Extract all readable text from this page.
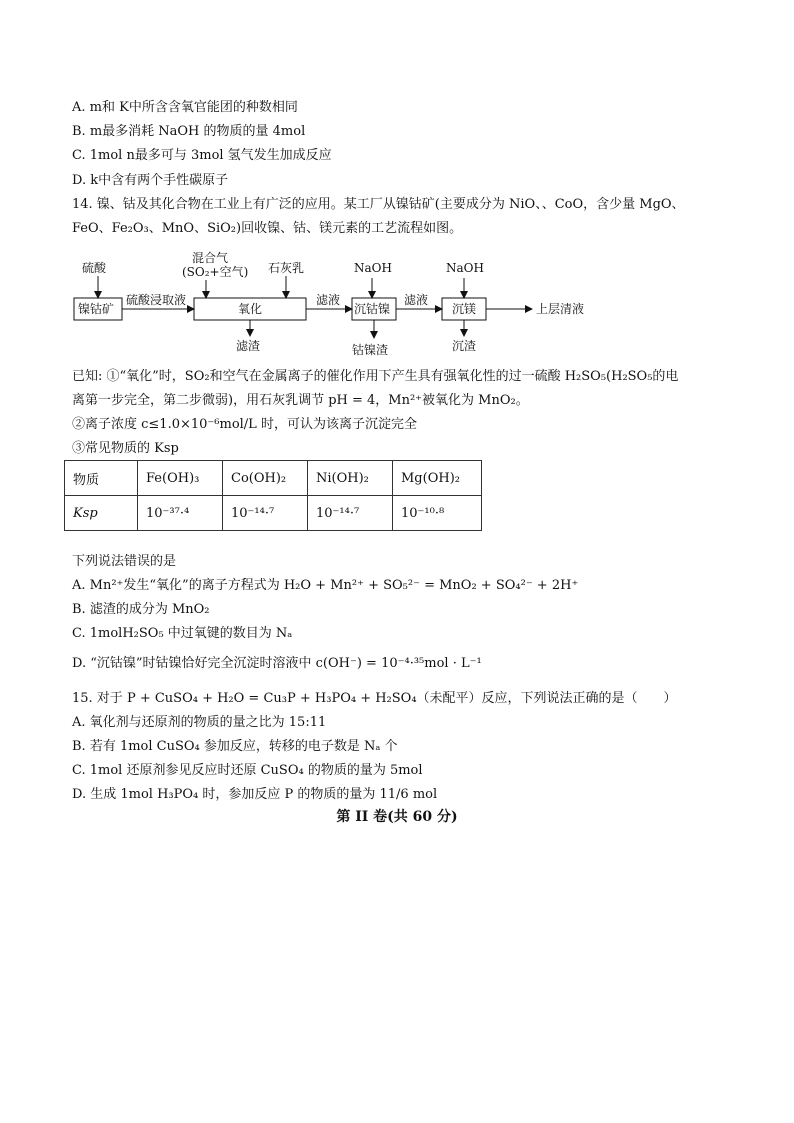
A. m和 K中所含含氧官能团的种数相同
B. m最多消耗 NaOH 的物质的量 4mol
C. 1mol n最多可与 3mol 氢气发生加成反应
D. k中含有两个手性碳原子
14. 镍、钴及其化合物在工业上有广泛的应用。某工厂从镍钴矿(主要成分为 NiO、、CoO，含少量 MgO、
FeO、Fe₂O₃、MnO、SiO₂)回收镍、钴、镁元素的工艺流程如图。
硫酸
混合气
(SO₂+空气) 石灰乳	NaOH	NaOH
镍钴矿
硫酸浸取液
氧化
滤液
沉钴镍
滤液
沉镁	上层清液
滤渣	钴镍渣	沉渣
已知: ①“氧化”时，SO₂和空气在金属离子的催化作用下产生具有强氧化性的过一硫酸 H₂SO₅(H₂SO₅的电
离第一步完全，第二步微弱)，用石灰乳调节 pH = 4，Mn²⁺被氧化为 MnO₂。
②离子浓度 c≤1.0×10⁻⁶mol/L 时，可认为该离子沉淀完全
③常见物质的 Ksp
物质	Fe(OH)₃	Co(OH)₂	Ni(OH)₂	Mg(OH)₂
Ksp	10⁻³⁷·⁴	10⁻¹⁴·⁷	10⁻¹⁴·⁷	10⁻¹⁰·⁸
下列说法错误的是
A. Mn²⁺发生“氧化”的离子方程式为 H₂O + Mn²⁺ + SO₅²⁻ = MnO₂ + SO₄²⁻ + 2H⁺
B. 滤渣的成分为 MnO₂
C. 1molH₂SO₅ 中过氧键的数目为 Nₐ
D. “沉钴镍”时钴镍恰好完全沉淀时溶液中 c(OH⁻) = 10⁻⁴·³⁵mol · L⁻¹
15. 对于 P + CuSO₄ + H₂O = Cu₃P + H₃PO₄ + H₂SO₄（未配平）反应，下列说法正确的是（　　）
A. 氧化剂与还原剂的物质的量之比为 15:11
B. 若有 1mol CuSO₄ 参加反应，转移的电子数是 Nₐ 个
C. 1mol 还原剂参见反应时还原 CuSO₄ 的物质的量为 5mol
D. 生成 1mol H₃PO₄ 时，参加反应 P 的物质的量为 11/6 mol
第 II 卷(共 60 分)
